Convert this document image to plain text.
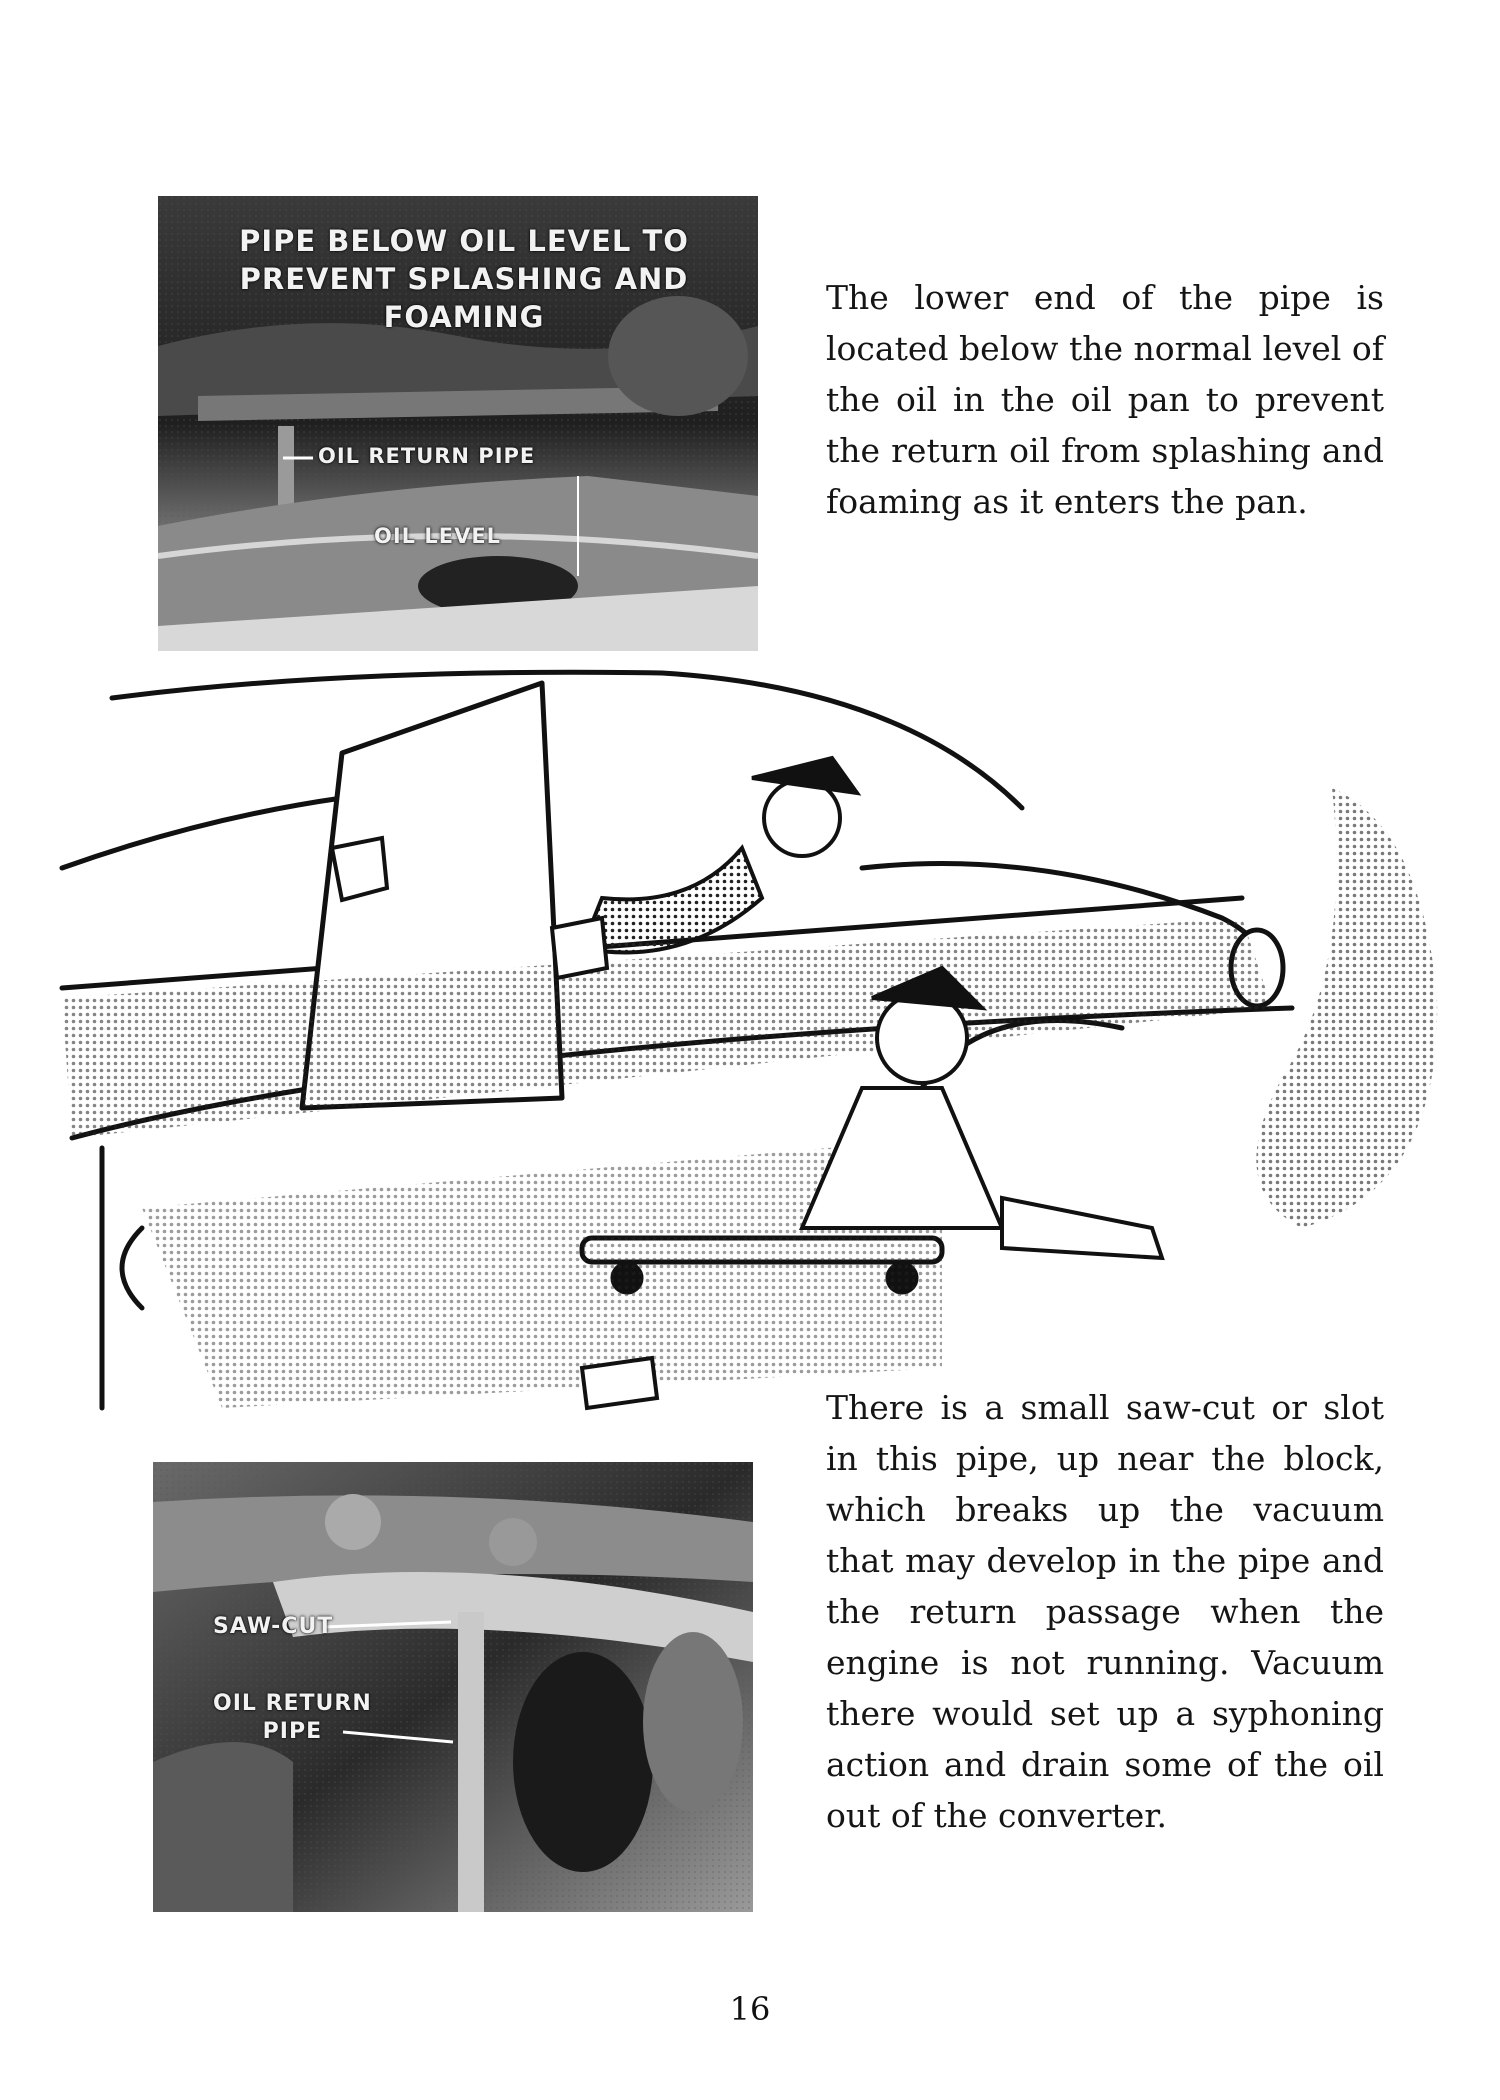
PIPE BELOW OIL LEVEL TO
PREVENT SPLASHING AND
FOAMING
OIL RETURN PIPE
OIL LEVEL

The lower end of the pipe is located below the normal level of the oil in the oil pan to prevent the return oil from splashing and foaming as it enters the pan.

SAW-CUT
OIL RETURN
PIPE

There is a small saw-cut or slot in this pipe, up near the block, which breaks up the vacuum that may develop in the pipe and the return passage when the engine is not running. Vacuum there would set up a syphoning action and drain some of the oil out of the converter.

16
